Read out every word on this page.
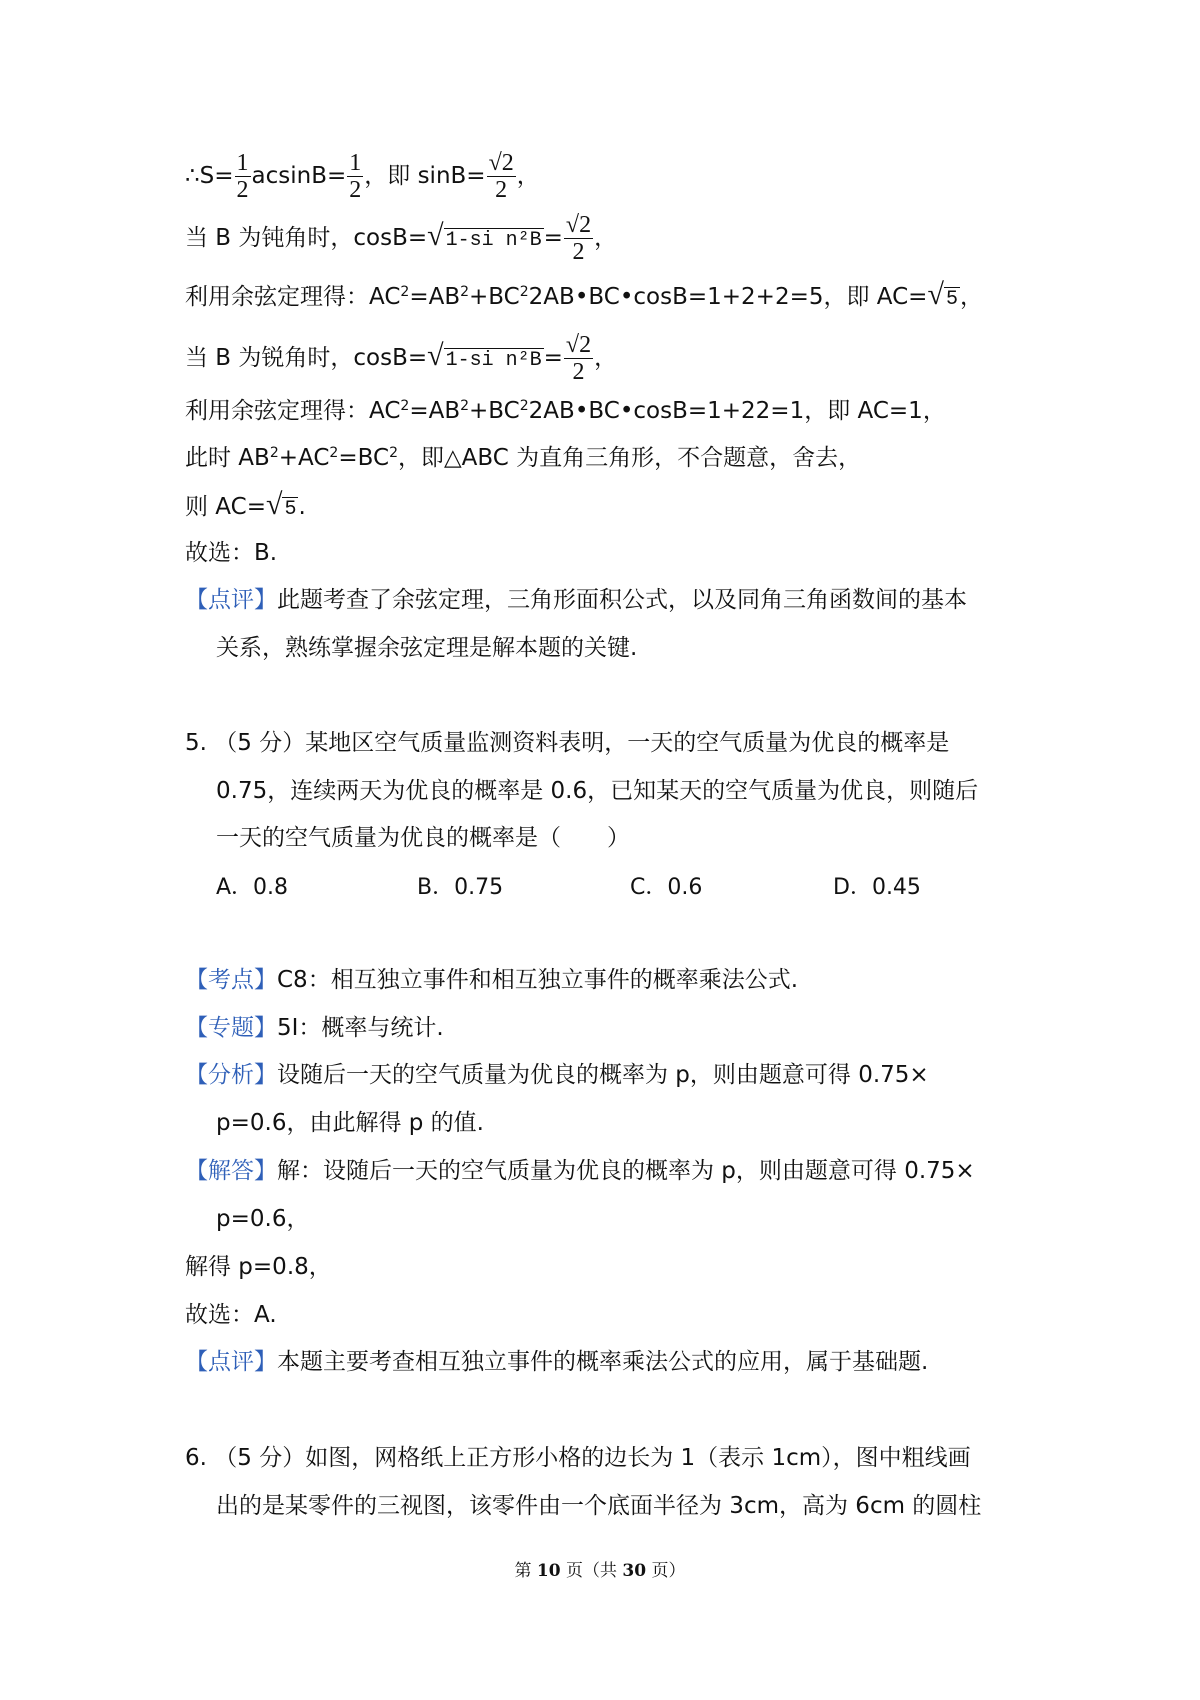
∴S= $\frac{1}{2} acsinB= \frac{1}{2}$ ，即 $\sin B= \frac{√2}{2}$ ，
当 B 为钝角时，cosB=√ 1-si $n^2B= \frac{√2}{2}$ ，
利用余弦定理得：$AC^2=AB^2+BC^22AB•BC•\cos B=1+2+2=5$，即 AC=√ 5，
当 B 为锐角时，cosB=√ 1-si $n^2B= \frac{√2}{2}$ ，
利用余弦定理得：$AC^2=AB^2+BC^22AB•BC•\cos B=1+22=1$，即 AC=1，
此时 $AB^2+AC^2=BC^2$，即△ABC 为直角三角形，不合题意，舍去，
则 AC=√ 5.
故选：B.
【点评】此题考查了余弦定理，三角形面积公式，以及同角三角函数间的基本
关系，熟练掌握余弦定理是解本题的关键.
5. （5 分）某地区空气质量监测资料表明，一天的空气质量为优良的概率是
0.75，连续两天为优良的概率是 0.6，已知某天的空气质量为优良，则随后
一天的空气质量为优良的概率是（　　）
A．0.8	B．0.75	C．0.6	D．0.45
【考点】C8：相互独立事件和相互独立事件的概率乘法公式.
【专题】5I：概率与统计.
【分析】设随后一天的空气质量为优良的概率为 p，则由题意可得 0.75×
p=0.6，由此解得 p 的值.
【解答】解：设随后一天的空气质量为优良的概率为 p，则由题意可得 0.75×
p=0.6，
解得 p=0.8，
故选：A.
【点评】本题主要考查相互独立事件的概率乘法公式的应用，属于基础题.
6. （5 分）如图，网格纸上正方形小格的边长为 1（表示 1cm），图中粗线画
出的是某零件的三视图，该零件由一个底面半径为 3cm，高为 6cm 的圆柱
第 10 页（共 30 页）
